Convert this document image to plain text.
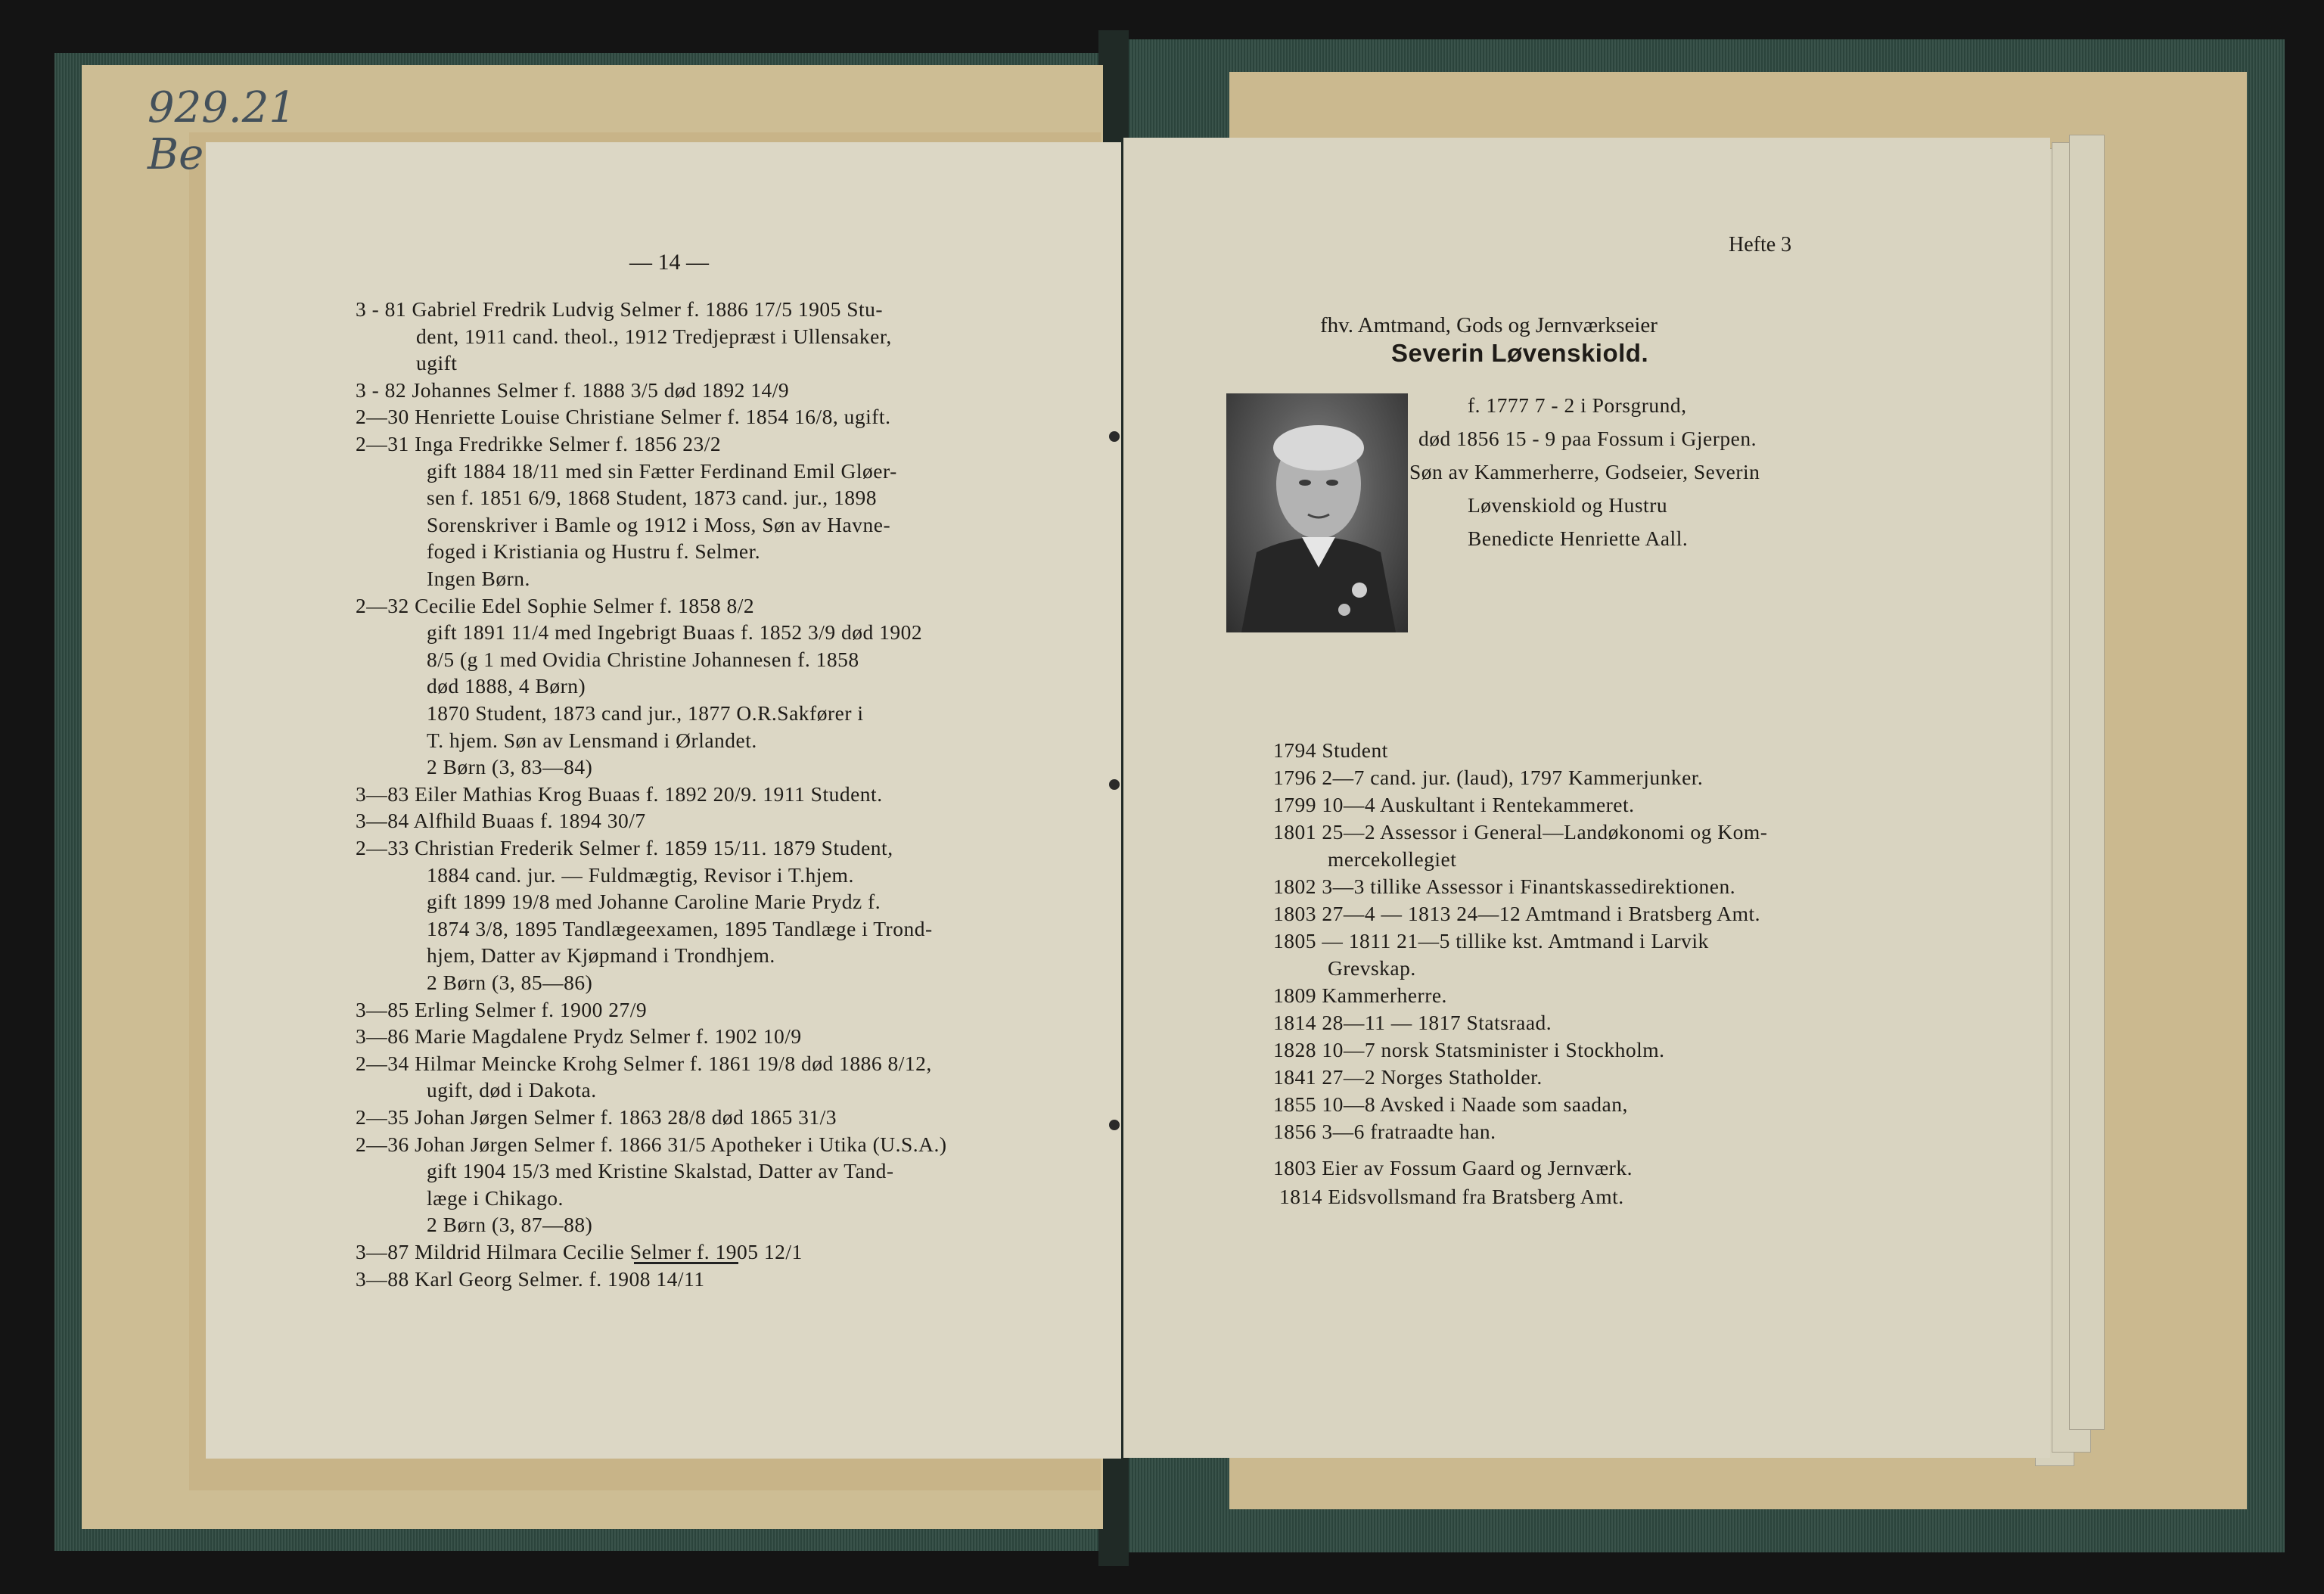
929.21
Be
— 14 —
3 - 81 Gabriel Fredrik Ludvig Selmer f. 1886 17/5 1905 Stu-
dent, 1911 cand. theol., 1912 Tredjepræst i Ullensaker,
ugift
3 - 82 Johannes Selmer f. 1888 3/5 død 1892 14/9
2—30 Henriette Louise Christiane Selmer f. 1854 16/8, ugift.
2—31 Inga Fredrikke Selmer f. 1856 23/2
gift 1884 18/11 med sin Fætter Ferdinand Emil Gløer-
sen f. 1851 6/9, 1868 Student, 1873 cand. jur., 1898
Sorenskriver i Bamle og 1912 i Moss, Søn av Havne-
foged i Kristiania og Hustru f. Selmer.
Ingen Børn.
2—32 Cecilie Edel Sophie Selmer f. 1858 8/2
gift 1891 11/4 med Ingebrigt Buaas f. 1852 3/9 død 1902
8/5 (g 1 med Ovidia Christine Johannesen f. 1858
død 1888, 4 Børn)
1870 Student, 1873 cand jur., 1877 O.R.Sakfører i
T. hjem. Søn av Lensmand i Ørlandet.
2 Børn (3, 83—84)
3—83 Eiler Mathias Krog Buaas f. 1892 20/9. 1911 Student.
3—84 Alfhild Buaas f. 1894 30/7
2—33 Christian Frederik Selmer f. 1859 15/11. 1879 Student,
1884 cand. jur. — Fuldmægtig, Revisor i T.hjem.
gift 1899 19/8 med Johanne Caroline Marie Prydz f.
1874 3/8, 1895 Tandlægeexamen, 1895 Tandlæge i Trond-
hjem, Datter av Kjøpmand i Trondhjem.
2 Børn (3, 85—86)
3—85 Erling Selmer f. 1900 27/9
3—86 Marie Magdalene Prydz Selmer f. 1902 10/9
2—34 Hilmar Meincke Krohg Selmer f. 1861 19/8 død 1886 8/12,
ugift, død i Dakota.
2—35 Johan Jørgen Selmer f. 1863 28/8 død 1865 31/3
2—36 Johan Jørgen Selmer f. 1866 31/5 Apotheker i Utika (U.S.A.)
gift 1904 15/3 med Kristine Skalstad, Datter av Tand-
læge i Chikago.
2 Børn (3, 87—88)
3—87 Mildrid Hilmara Cecilie Selmer f. 1905 12/1
3—88 Karl Georg Selmer. f. 1908 14/11
Hefte 3
fhv. Amtmand, Gods og Jernværkseier
Severin Løvenskiold.
f. 1777 7 - 2 i Porsgrund,
død 1856 15 - 9 paa Fossum i Gjerpen.
Søn av Kammerherre, Godseier, Severin
Løvenskiold og Hustru
Benedicte Henriette Aall.
1794 Student
1796 2—7 cand. jur. (laud), 1797 Kammerjunker.
1799 10—4 Auskultant i Rentekammeret.
1801 25—2 Assessor i General—Landøkonomi og Kom-
mercekollegiet
1802 3—3 tillike Assessor i Finantskassedirektionen.
1803 27—4 — 1813 24—12 Amtmand i Bratsberg Amt.
1805 — 1811 21—5 tillike kst. Amtmand i Larvik
Grevskap.
1809 Kammerherre.
1814 28—11 — 1817 Statsraad.
1828 10—7 norsk Statsminister i Stockholm.
1841 27—2 Norges Statholder.
1855 10—8 Avsked i Naade som saadan,
1856 3—6 fratraadte han.
1803 Eier av Fossum Gaard og Jernværk.
1814 Eidsvollsmand fra Bratsberg Amt.
